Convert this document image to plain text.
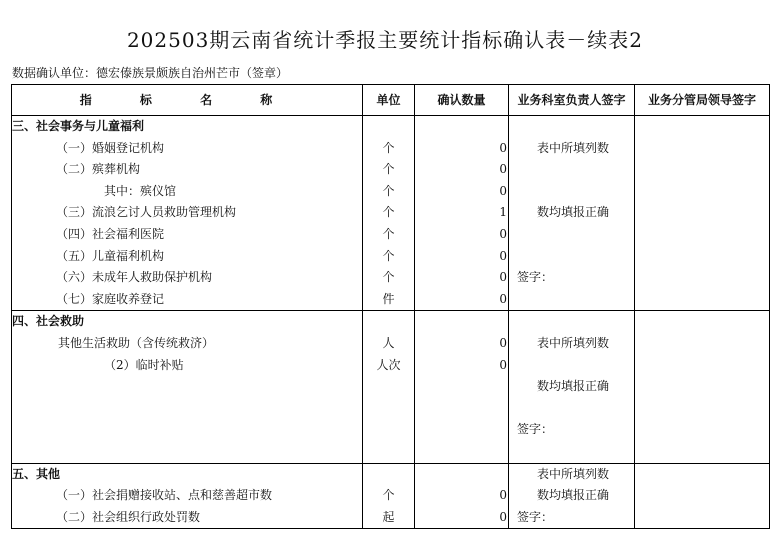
202503期云南省统计季报主要统计指标确认表－续表2
数据确认单位：德宏傣族景颇族自治州芒市（签章）
指 标 名 称	单位	确认数量	业务科室负责人签字	业务分管局领导签字
三、社会事务与儿童福利				
（一）婚姻登记机构	个	0	表中所填列数	
（二）殡葬机构	个	0		
其中：殡仪馆	个	0		
（三）流浪乞讨人员救助管理机构	个	1	数均填报正确	
（四）社会福利医院	个	0		
（五）儿童福利机构	个	0		
（六）未成年人救助保护机构	个	0	签字：	
（七）家庭收养登记	件	0		
四、社会救助				
其他生活救助（含传统救济）	人	0	表中所填列数	
（2）临时补贴	人次	0		
			数均填报正确	

			签字：	

五、其他			表中所填列数	
（一）社会捐赠接收站、点和慈善超市数	个	0	数均填报正确	
（二）社会组织行政处罚数	起	0	签字：	
